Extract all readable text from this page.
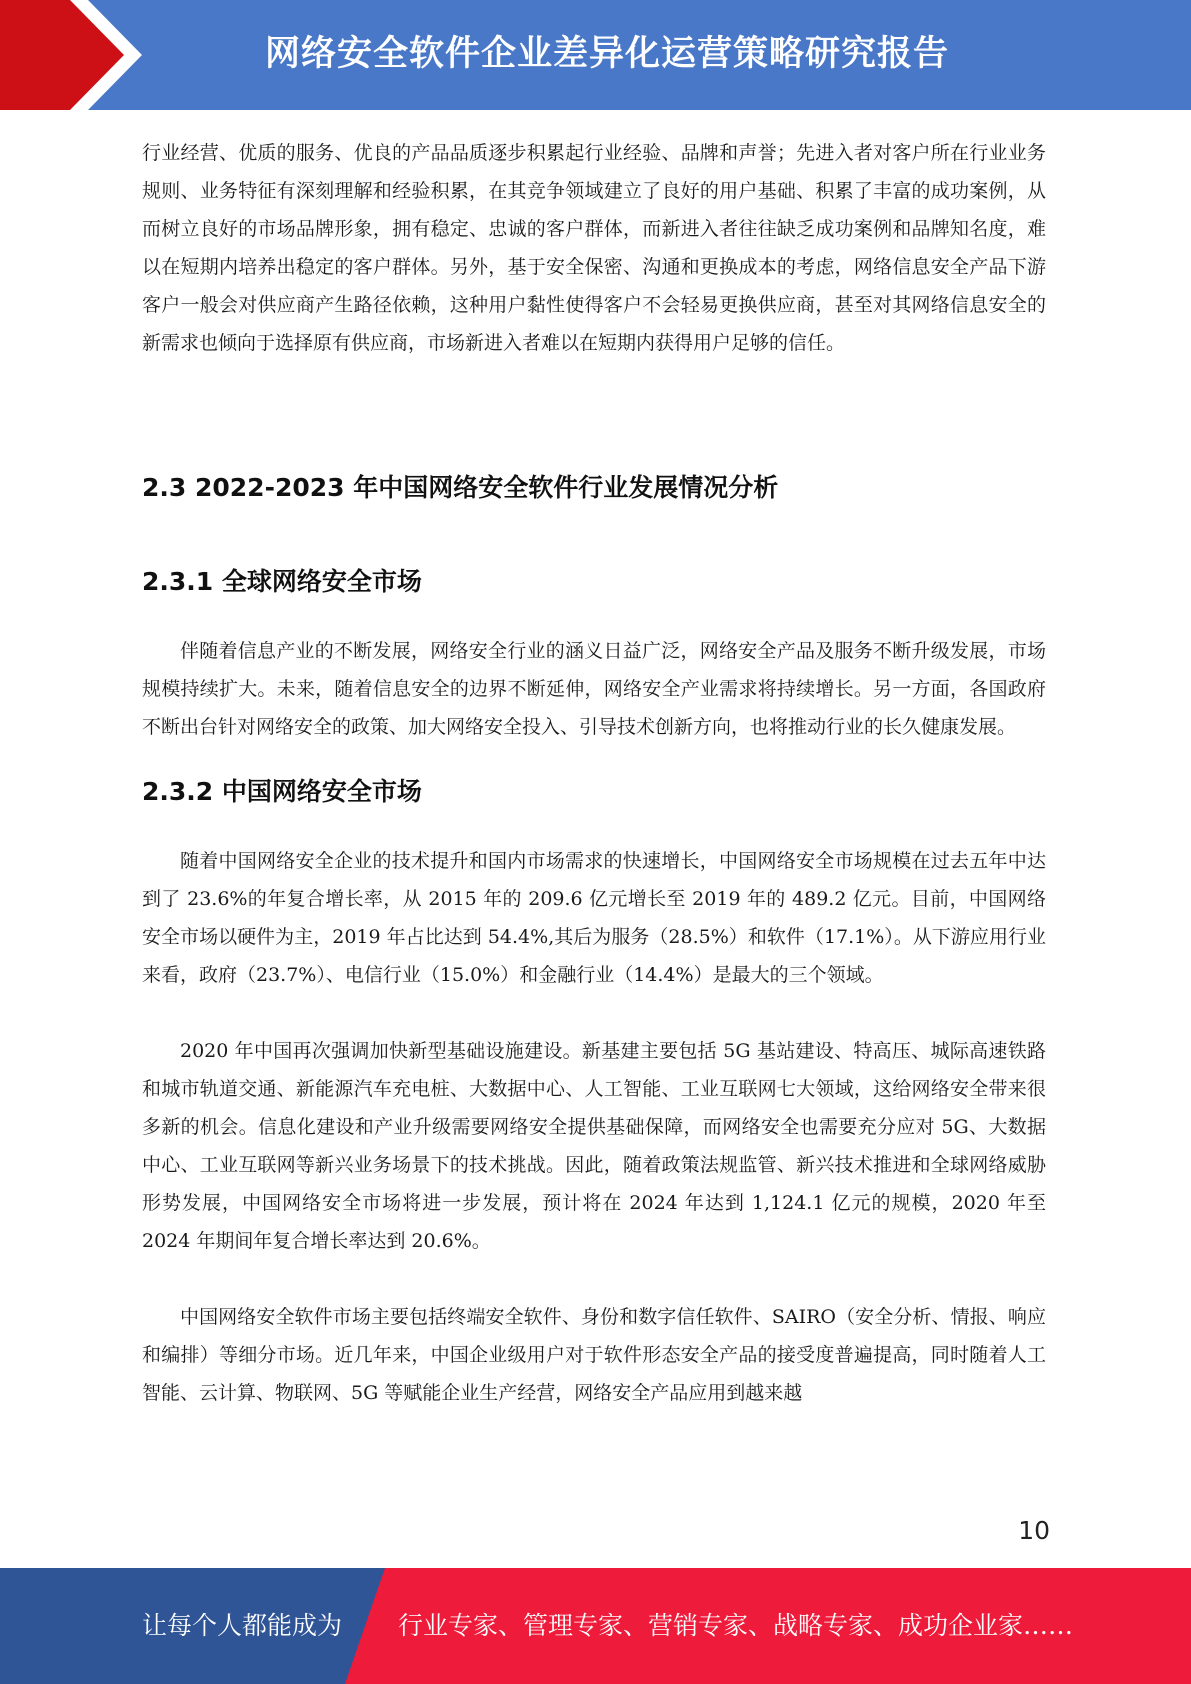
网络安全软件企业差异化运营策略研究报告

行业经营、优质的服务、优良的产品品质逐步积累起行业经验、品牌和声誉；先进入者对客户所在行业业务规则、业务特征有深刻理解和经验积累，在其竞争领域建立了良好的用户基础、积累了丰富的成功案例，从而树立良好的市场品牌形象，拥有稳定、忠诚的客户群体，而新进入者往往缺乏成功案例和品牌知名度，难以在短期内培养出稳定的客户群体。另外，基于安全保密、沟通和更换成本的考虑，网络信息安全产品下游客户一般会对供应商产生路径依赖，这种用户黏性使得客户不会轻易更换供应商，甚至对其网络信息安全的新需求也倾向于选择原有供应商，市场新进入者难以在短期内获得用户足够的信任。

2.3 2022-2023 年中国网络安全软件行业发展情况分析
2.3.1 全球网络安全市场

伴随着信息产业的不断发展，网络安全行业的涵义日益广泛，网络安全产品及服务不断升级发展，市场规模持续扩大。未来，随着信息安全的边界不断延伸，网络安全产业需求将持续增长。另一方面，各国政府不断出台针对网络安全的政策、加大网络安全投入、引导技术创新方向，也将推动行业的长久健康发展。

2.3.2 中国网络安全市场

随着中国网络安全企业的技术提升和国内市场需求的快速增长，中国网络安全市场规模在过去五年中达到了 23.6%的年复合增长率，从 2015 年的 209.6 亿元增长至 2019 年的 489.2 亿元。目前，中国网络安全市场以硬件为主，2019 年占比达到 54.4%,其后为服务（28.5%）和软件（17.1%）。从下游应用行业来看，政府（23.7%）、电信行业（15.0%）和金融行业（14.4%）是最大的三个领域。

2020 年中国再次强调加快新型基础设施建设。新基建主要包括 5G 基站建设、特高压、城际高速铁路和城市轨道交通、新能源汽车充电桩、大数据中心、人工智能、工业互联网七大领域，这给网络安全带来很多新的机会。信息化建设和产业升级需要网络安全提供基础保障，而网络安全也需要充分应对 5G、大数据中心、工业互联网等新兴业务场景下的技术挑战。因此，随着政策法规监管、新兴技术推进和全球网络威胁形势发展，中国网络安全市场将进一步发展，预计将在 2024 年达到 1,124.1 亿元的规模，2020 年至 2024 年期间年复合增长率达到 20.6%。

中国网络安全软件市场主要包括终端安全软件、身份和数字信任软件、SAIRO（安全分析、情报、响应和编排）等细分市场。近几年来，中国企业级用户对于软件形态安全产品的接受度普遍提高，同时随着人工智能、云计算、物联网、5G 等赋能企业生产经营，网络安全产品应用到越来越

10
让每个人都能成为 行业专家、管理专家、营销专家、战略专家、成功企业家……
